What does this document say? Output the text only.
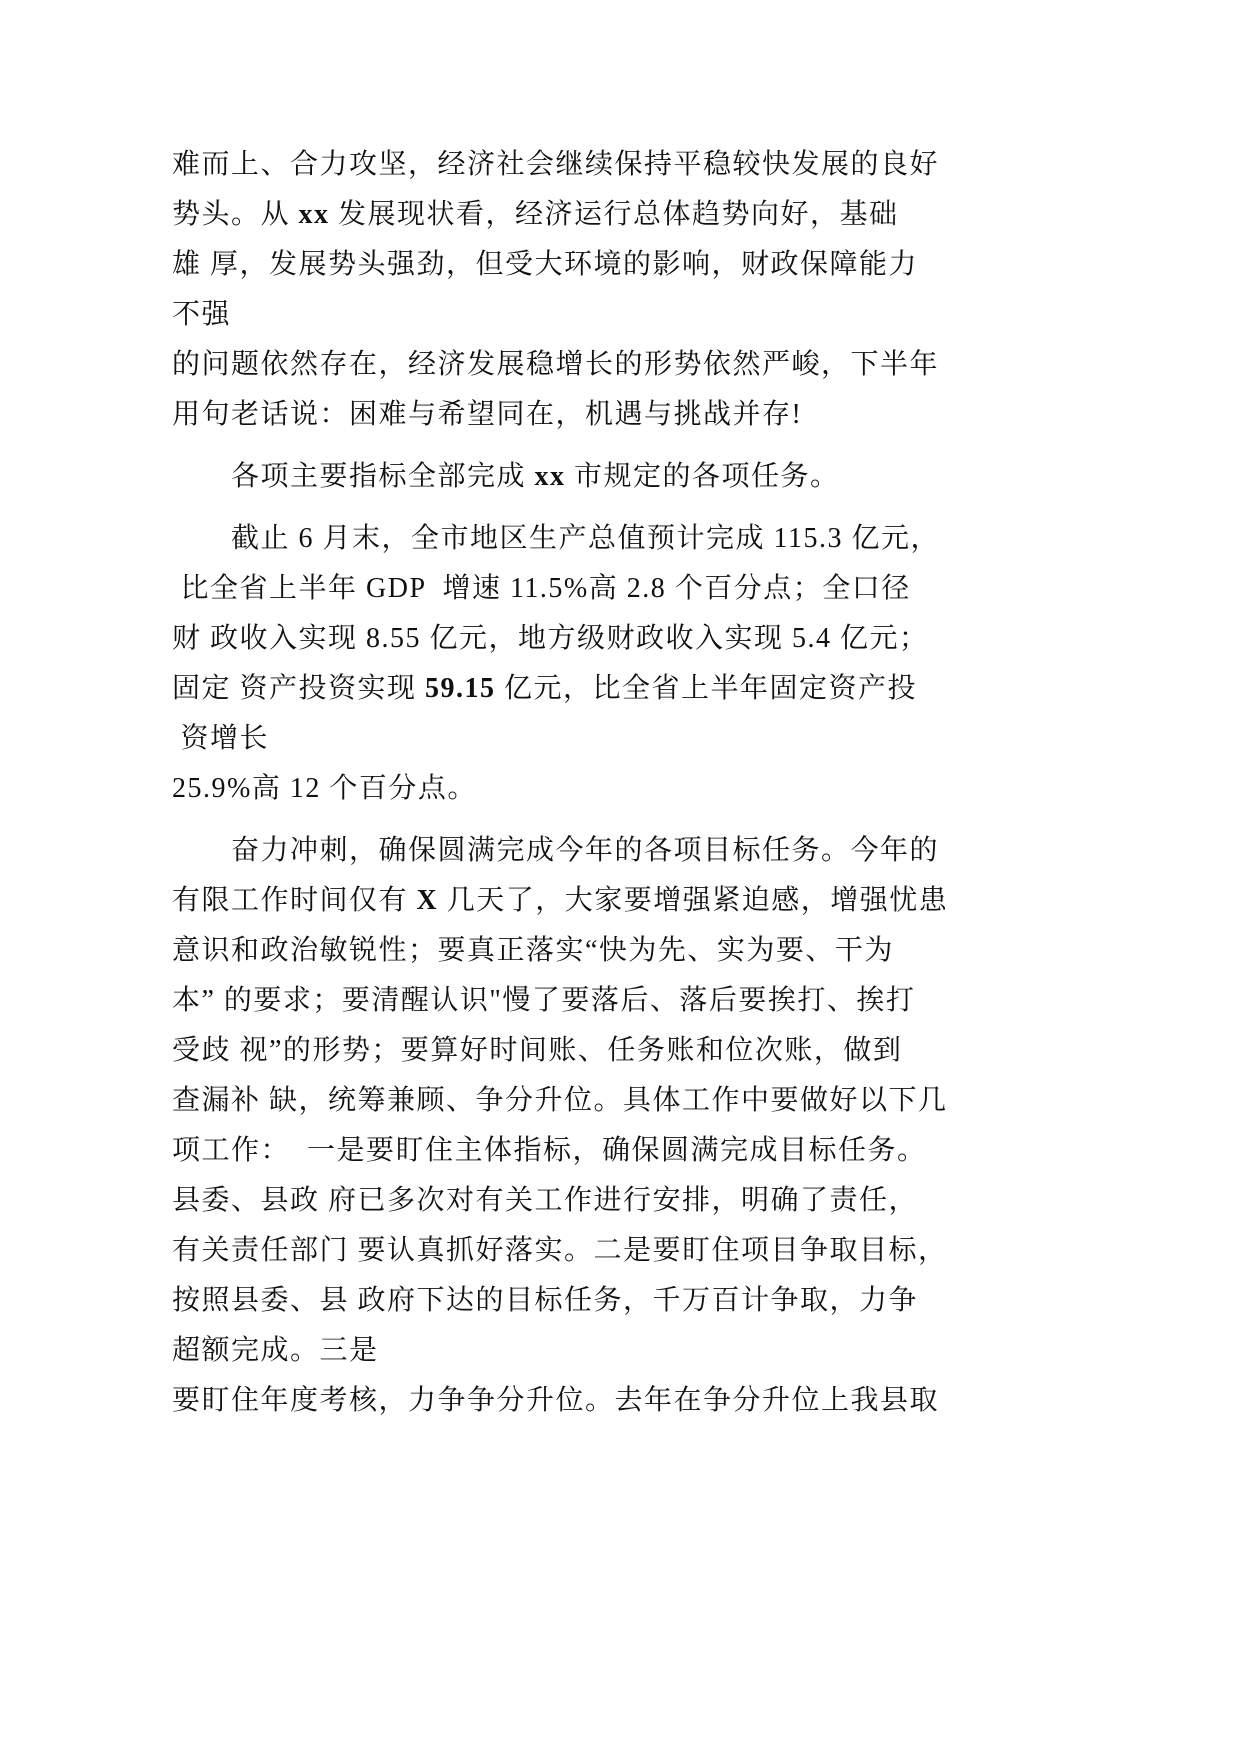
难而上、合力攻坚，经济社会继续保持平稳较快发展的良好
势头。从 xx 发展现状看，经济运行总体趋势向好，基础
雄 厚，发展势头强劲，但受大环境的影响，财政保障能力
不强
的问题依然存在，经济发展稳增长的形势依然严峻，下半年
用句老话说：困难与希望同在，机遇与挑战并存!
各项主要指标全部完成 xx 市规定的各项任务。
截止 6 月末，全市地区生产总值预计完成 115.3 亿元，
比全省上半年 GDP  增速 11.5%高 2.8 个百分点；全口径
财 政收入实现 8.55 亿元，地方级财政收入实现 5.4 亿元；
固定 资产投资实现 59.15 亿元，比全省上半年固定资产投
资增长
25.9%高 12 个百分点。
奋力冲刺，确保圆满完成今年的各项目标任务。今年的
有限工作时间仅有 X 几天了，大家要增强紧迫感，增强忧患
意识和政治敏锐性；要真正落实“快为先、实为要、干为
本” 的要求；要清醒认识"慢了要落后、落后要挨打、挨打
受歧 视”的形势；要算好时间账、任务账和位次账，做到
查漏补 缺，统筹兼顾、争分升位。具体工作中要做好以下几
项工作：  一是要盯住主体指标，确保圆满完成目标任务。
县委、县政 府已多次对有关工作进行安排，明确了责任，
有关责任部门 要认真抓好落实。二是要盯住项目争取目标，
按照县委、县 政府下达的目标任务，千万百计争取，力争
超额完成。三是
要盯住年度考核，力争争分升位。去年在争分升位上我县取
